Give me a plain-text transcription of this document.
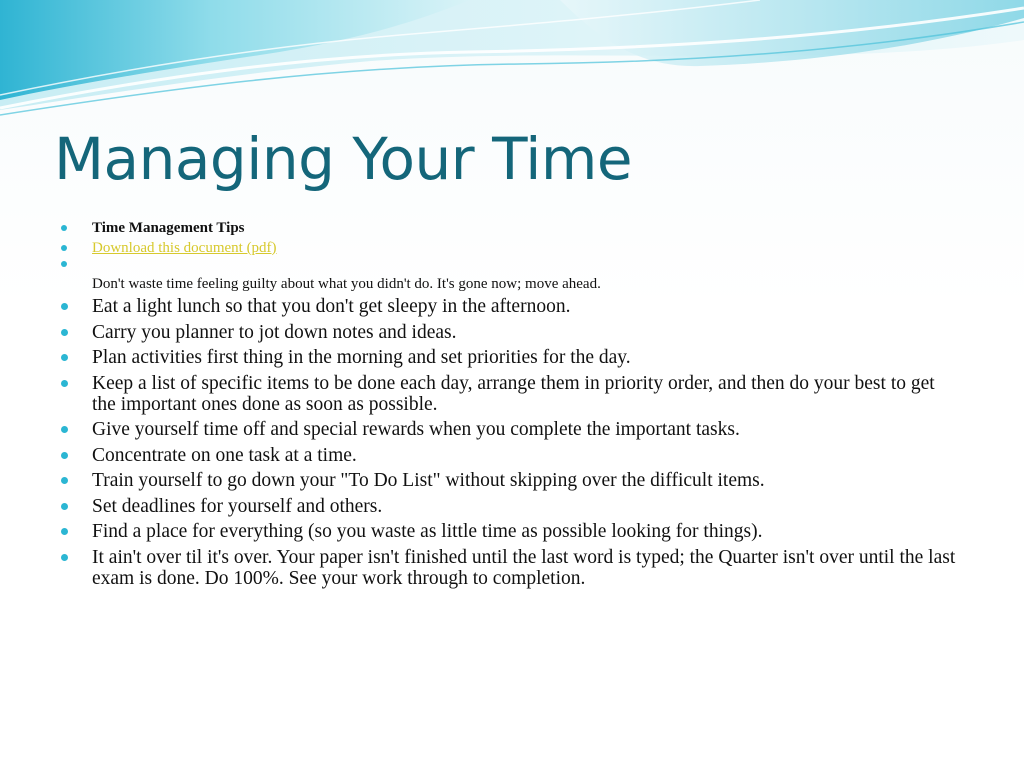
Managing Your Time
Time Management Tips
Download this document (pdf)
Don't waste time feeling guilty about what you didn't do. It's gone now; move ahead.
Eat a light lunch so that you don't get sleepy in the afternoon.
Carry you planner to jot down notes and ideas.
Plan activities first thing in the morning and set priorities for the day.
Keep a list of specific items to be done each day, arrange them in priority order, and then do your best to get the important ones done as soon as possible.
Give yourself time off and special rewards when you complete the important tasks.
Concentrate on one task at a time.
Train yourself to go down your "To Do List" without skipping over the difficult items.
Set deadlines for yourself and others.
Find a place for everything (so you waste as little time as possible looking for things).
It ain't over til it's over. Your paper isn't finished until the last word is typed; the Quarter isn't over until the last exam is done. Do 100%. See your work through to completion.
